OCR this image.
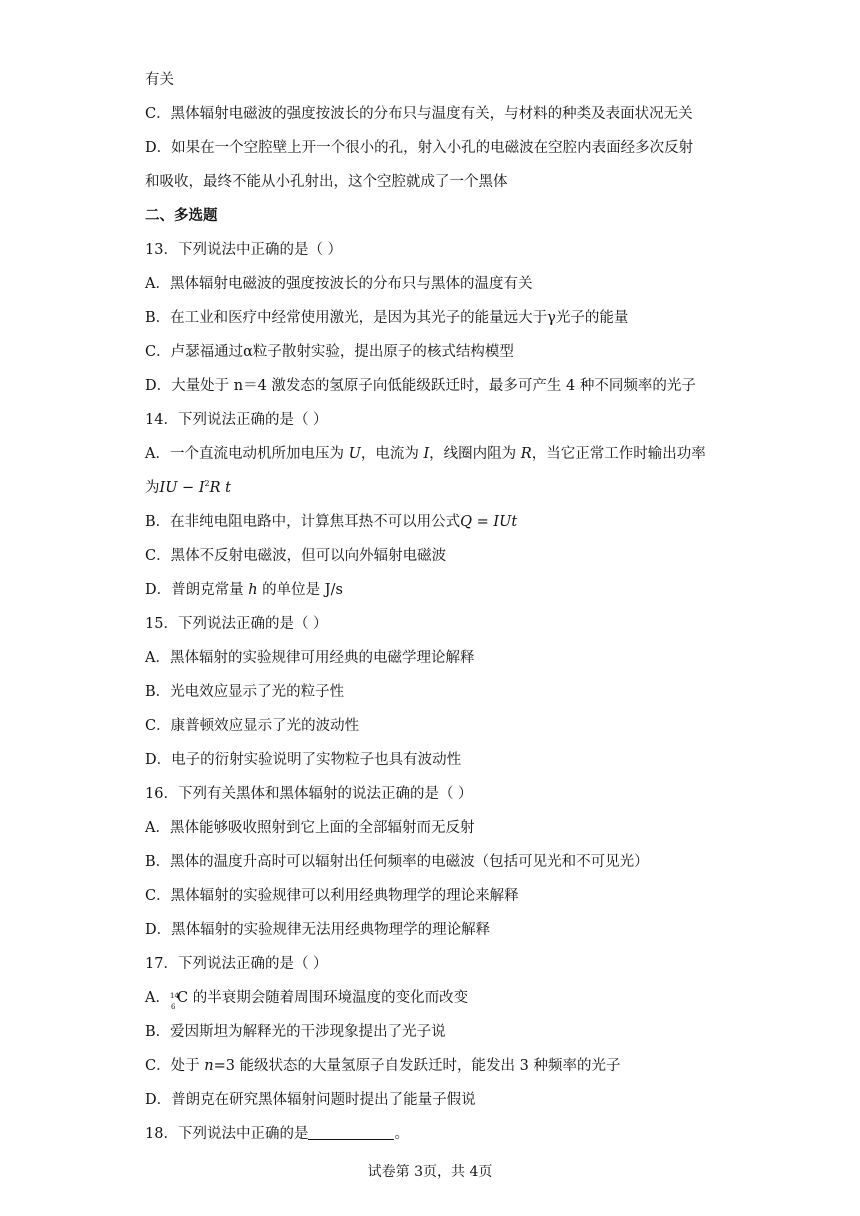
有关
C．黑体辐射电磁波的强度按波长的分布只与温度有关，与材料的种类及表面状况无关
D．如果在一个空腔壁上开一个很小的孔，射入小孔的电磁波在空腔内表面经多次反射
和吸收，最终不能从小孔射出，这个空腔就成了一个黑体
二、多选题
13．下列说法中正确的是（ ）
A．黑体辐射电磁波的强度按波长的分布只与黑体的温度有关
B．在工业和医疗中经常使用激光，是因为其光子的能量远大于γ光子的能量
C．卢瑟福通过α粒子散射实验，提出原子的核式结构模型
D．大量处于 n＝4 激发态的氢原子向低能级跃迁时，最多可产生 4 种不同频率的光子
14．下列说法正确的是（ ）
A．一个直流电动机所加电压为 U，电流为 I，线圈内阻为 R，当它正常工作时输出功率
为IU − $I^2R$ t
B．在非纯电阻电路中，计算焦耳热不可以用公式Q = IUt
C．黑体不反射电磁波，但可以向外辐射电磁波
D．普朗克常量 h 的单位是 J/s
15．下列说法正确的是（ ）
A．黑体辐射的实验规律可用经典的电磁学理论解释
B．光电效应显示了光的粒子性
C．康普顿效应显示了光的波动性
D．电子的衍射实验说明了实物粒子也具有波动性
16．下列有关黑体和黑体辐射的说法正确的是（ ）
A．黑体能够吸收照射到它上面的全部辐射而无反射
B．黑体的温度升高时可以辐射出任何频率的电磁波（包括可见光和不可见光）
C．黑体辐射的实验规律可以利用经典物理学的理论来解释
D．黑体辐射的实验规律无法用经典物理学的理论解释
17．下列说法正确的是（ ）
A． 14
6
C 的半衰期会随着周围环境温度的变化而改变
B．爱因斯坦为解释光的干涉现象提出了光子说
C．处于 n=3 能级状态的大量氢原子自发跃迁时，能发出 3 种频率的光子
D．普朗克在研究黑体辐射问题时提出了能量子假说
18．下列说法中正确的是	。
试卷第 3页，共 4页
